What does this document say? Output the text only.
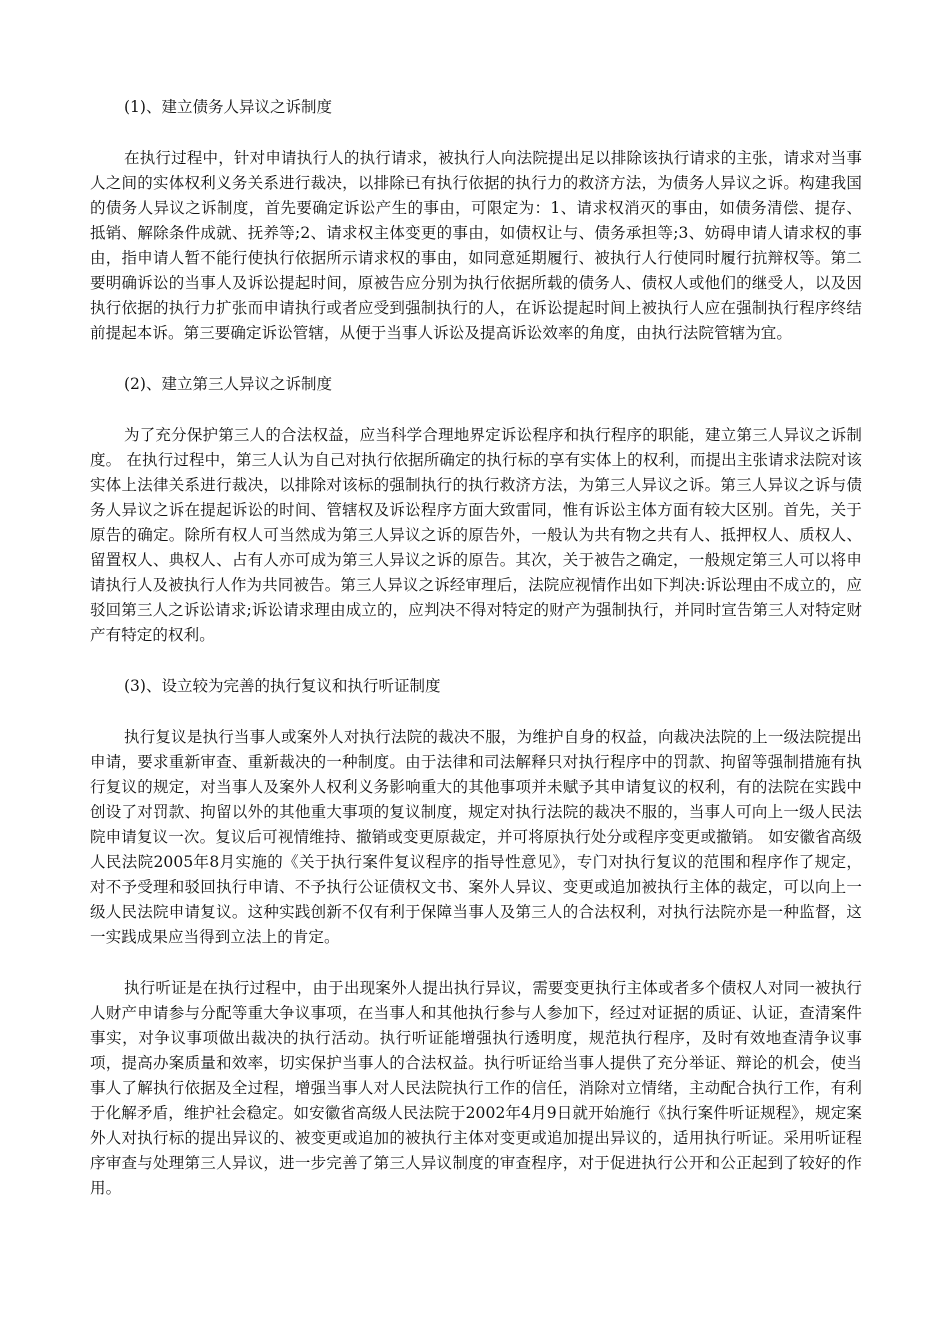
(1)、建立债务人异议之诉制度

在执行过程中，针对申请执行人的执行请求，被执行人向法院提出足以排除该执行请求的主张，请求对当事人之间的实体权利义务关系进行裁决，以排除已有执行依据的执行力的救济方法，为债务人异议之诉。构建我国的债务人异议之诉制度，首先要确定诉讼产生的事由，可限定为：1、请求权消灭的事由，如债务清偿、提存、抵销、解除条件成就、抚养等;2、请求权主体变更的事由，如债权让与、债务承担等;3、妨碍申请人请求权的事由，指申请人暂不能行使执行依据所示请求权的事由，如同意延期履行、被执行人行使同时履行抗辩权等。第二要明确诉讼的当事人及诉讼提起时间，原被告应分别为执行依据所载的债务人、债权人或他们的继受人，以及因执行依据的执行力扩张而申请执行或者应受到强制执行的人，在诉讼提起时间上被执行人应在强制执行程序终结前提起本诉。第三要确定诉讼管辖，从便于当事人诉讼及提高诉讼效率的角度，由执行法院管辖为宜。

(2)、建立第三人异议之诉制度

为了充分保护第三人的合法权益，应当科学合理地界定诉讼程序和执行程序的职能，建立第三人异议之诉制度。 在执行过程中，第三人认为自己对执行依据所确定的执行标的享有实体上的权利，而提出主张请求法院对该实体上法律关系进行裁决，以排除对该标的强制执行的执行救济方法，为第三人异议之诉。第三人异议之诉与债务人异议之诉在提起诉讼的时间、管辖权及诉讼程序方面大致雷同，惟有诉讼主体方面有较大区别。首先，关于原告的确定。除所有权人可当然成为第三人异议之诉的原告外，一般认为共有物之共有人、抵押权人、质权人、留置权人、典权人、占有人亦可成为第三人异议之诉的原告。其次，关于被告之确定，一般规定第三人可以将申请执行人及被执行人作为共同被告。第三人异议之诉经审理后，法院应视情作出如下判决:诉讼理由不成立的，应驳回第三人之诉讼请求;诉讼请求理由成立的，应判决不得对特定的财产为强制执行，并同时宣告第三人对特定财产有特定的权利。

(3)、设立较为完善的执行复议和执行听证制度

执行复议是执行当事人或案外人对执行法院的裁决不服，为维护自身的权益，向裁决法院的上一级法院提出申请，要求重新审查、重新裁决的一种制度。由于法律和司法解释只对执行程序中的罚款、拘留等强制措施有执行复议的规定，对当事人及案外人权利义务影响重大的其他事项并未赋予其申请复议的权利，有的法院在实践中创设了对罚款、拘留以外的其他重大事项的复议制度，规定对执行法院的裁决不服的，当事人可向上一级人民法院申请复议一次。复议后可视情维持、撤销或变更原裁定，并可将原执行处分或程序变更或撤销。 如安徽省高级人民法院2005年8月实施的《关于执行案件复议程序的指导性意见》，专门对执行复议的范围和程序作了规定，对不予受理和驳回执行申请、不予执行公证债权文书、案外人异议、变更或追加被执行主体的裁定，可以向上一级人民法院申请复议。这种实践创新不仅有利于保障当事人及第三人的合法权利，对执行法院亦是一种监督，这一实践成果应当得到立法上的肯定。

执行听证是在执行过程中，由于出现案外人提出执行异议，需要变更执行主体或者多个债权人对同一被执行人财产申请参与分配等重大争议事项，在当事人和其他执行参与人参加下，经过对证据的质证、认证，查清案件事实，对争议事项做出裁决的执行活动。执行听证能增强执行透明度，规范执行程序，及时有效地查清争议事项，提高办案质量和效率，切实保护当事人的合法权益。执行听证给当事人提供了充分举证、辩论的机会，使当事人了解执行依据及全过程，增强当事人对人民法院执行工作的信任，消除对立情绪，主动配合执行工作，有利于化解矛盾，维护社会稳定。如安徽省高级人民法院于2002年4月9日就开始施行《执行案件听证规程》，规定案外人对执行标的提出异议的、被变更或追加的被执行主体对变更或追加提出异议的，适用执行听证。采用听证程序审查与处理第三人异议，进一步完善了第三人异议制度的审查程序，对于促进执行公开和公正起到了较好的作用。
